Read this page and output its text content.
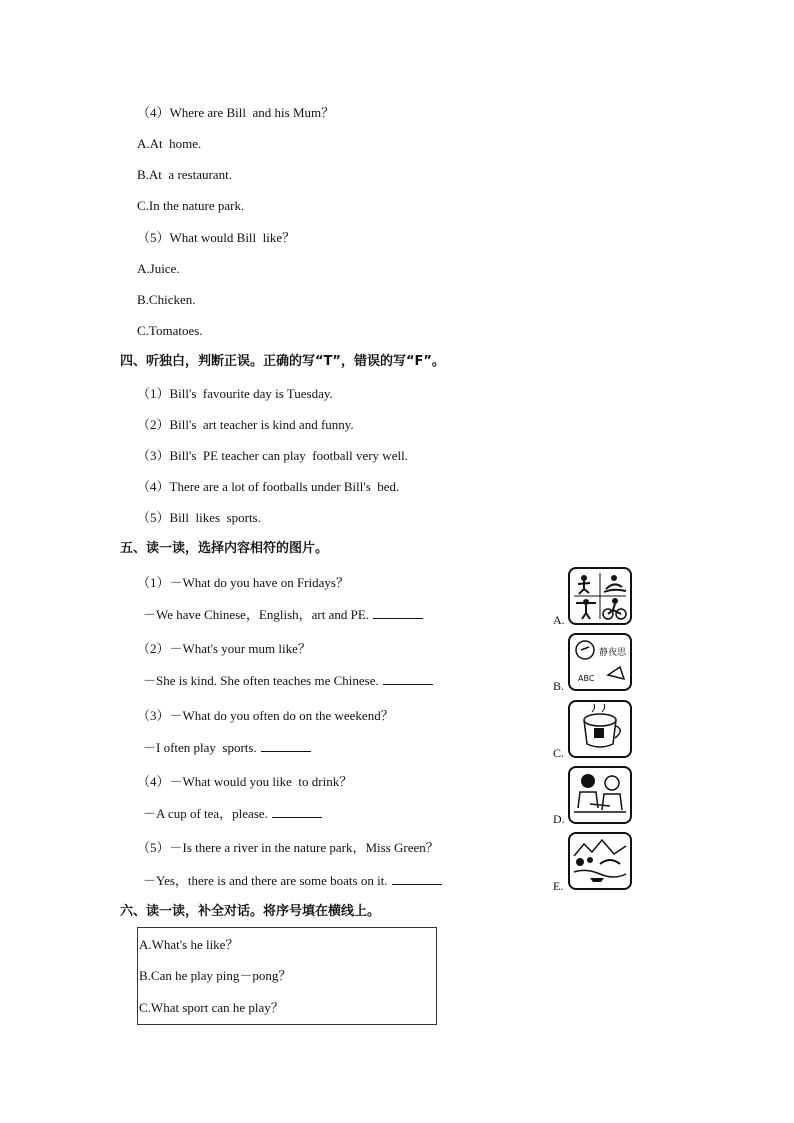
（4）Where are Bill  and his Mum？
A.At  home.
B.At  a restaurant.
C.In the nature park.
（5）What would Bill  like？
A.Juice.
B.Chicken.
C.Tomatoes.
四、听独白，判断正误。正确的写“T”，错误的写“F”。
（1）Bill's  favourite day is Tuesday.
（2）Bill's  art teacher is kind and funny.
（3）Bill's  PE teacher can play  football very well.
（4）There are a lot of footballs under Bill's  bed.
（5）Bill  likes  sports.
五、读一读，选择内容相符的图片。
（1）－What do you have on Fridays？
－We have Chinese，English，art and PE.
（2）－What's your mum like？
－She is kind. She often teaches me Chinese.
（3）－What do you often do on the weekend？
－I often play  sports.
（4）－What would you like  to drink？
－A cup of tea，please.
（5）－Is there a river in the nature park，Miss Green？
－Yes，there is and there are some boats on it.
A.
B.
静夜思
ABC
C.
D.
E.
六、读一读，补全对话。将序号填在横线上。
A.What's he like？
B.Can he play ping－pong？
C.What sport can he play？
